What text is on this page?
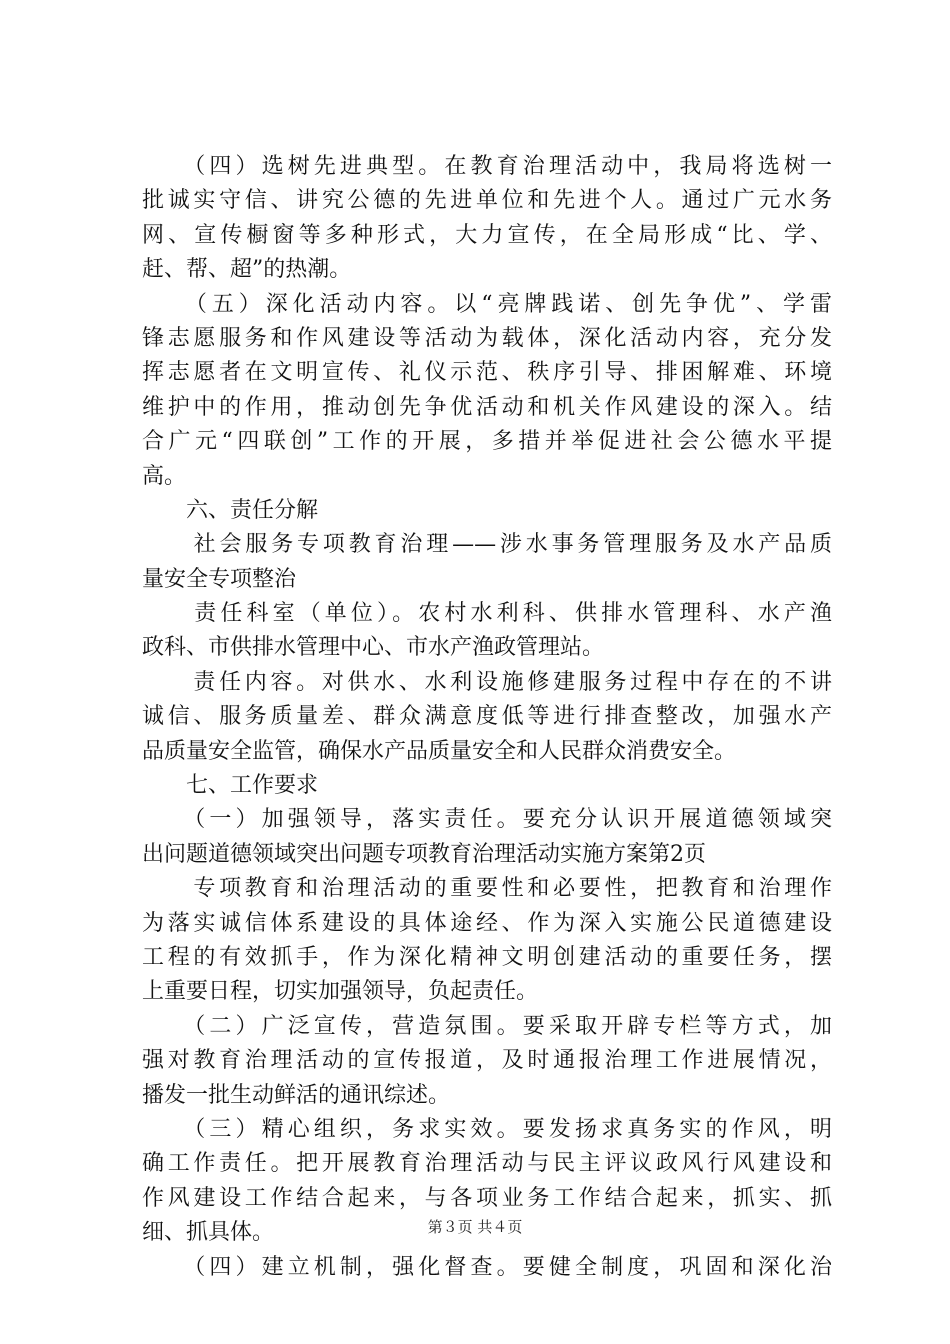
　　（四）选树先进典型。在教育治理活动中，我局将选树一
批诚实守信、讲究公德的先进单位和先进个人。通过广元水务
网、宣传橱窗等多种形式，大力宣传，在全局形成“比、学、
赶、帮、超”的热潮。
　　（五）深化活动内容。以“亮牌践诺、创先争优”、学雷
锋志愿服务和作风建设等活动为载体，深化活动内容，充分发
挥志愿者在文明宣传、礼仪示范、秩序引导、排困解难、环境
维护中的作用，推动创先争优活动和机关作风建设的深入。结
合广元“四联创”工作的开展，多措并举促进社会公德水平提
高。
　　六、责任分解
　　社会服务专项教育治理——涉水事务管理服务及水产品质
量安全专项整治
　　责任科室（单位）。农村水利科、供排水管理科、水产渔
政科、市供排水管理中心、市水产渔政管理站。
　　责任内容。对供水、水利设施修建服务过程中存在的不讲
诚信、服务质量差、群众满意度低等进行排查整改，加强水产
品质量安全监管，确保水产品质量安全和人民群众消费安全。
　　七、工作要求
　　（一）加强领导，落实责任。要充分认识开展道德领域突
出问题道德领域突出问题专项教育治理活动实施方案第2页
　　专项教育和治理活动的重要性和必要性，把教育和治理作
为落实诚信体系建设的具体途经、作为深入实施公民道德建设
工程的有效抓手，作为深化精神文明创建活动的重要任务，摆
上重要日程，切实加强领导，负起责任。
　　（二）广泛宣传，营造氛围。要采取开辟专栏等方式，加
强对教育治理活动的宣传报道，及时通报治理工作进展情况，
播发一批生动鲜活的通讯综述。
　　（三）精心组织，务求实效。要发扬求真务实的作风，明
确工作责任。把开展教育治理活动与民主评议政风行风建设和
作风建设工作结合起来，与各项业务工作结合起来，抓实、抓
细、抓具体。
　　（四）建立机制，强化督查。要健全制度，巩固和深化治
第３页 共４页
